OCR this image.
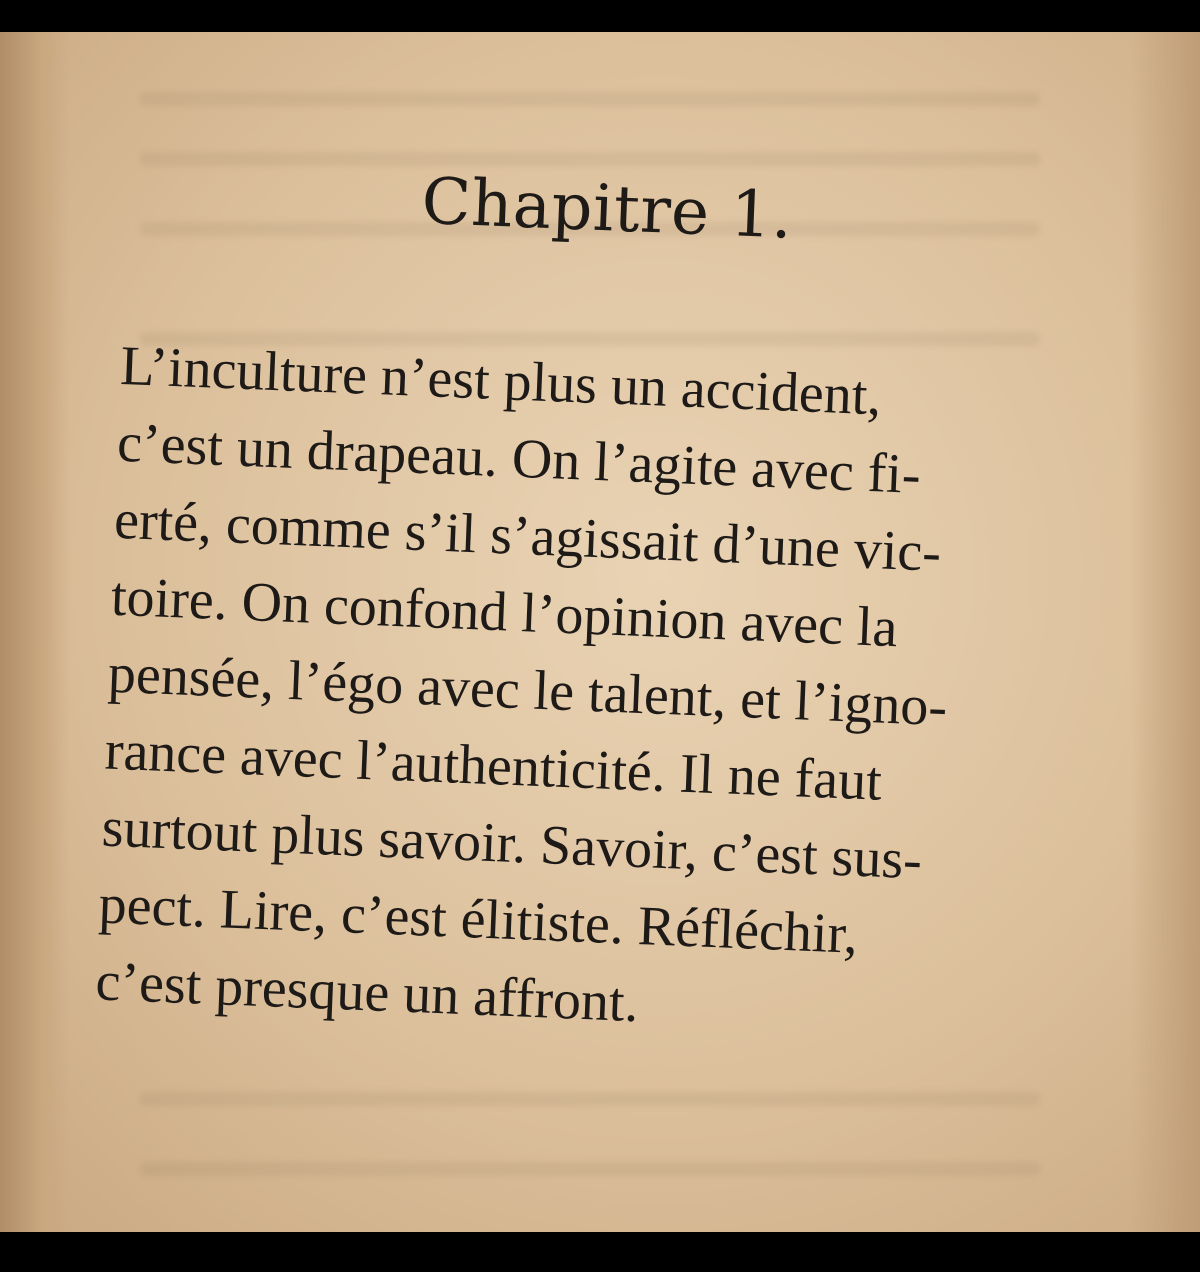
Chapitre 1.
L’inculture n’est plus un accident,
c’est un drapeau. On l’agite avec fi-
erté, comme s’il s’agissait d’une vic-
toire. On confond l’opinion avec la
pensée, l’égo avec le talent, et l’igno-
rance avec l’authenticité. Il ne faut
surtout plus savoir. Savoir, c’est sus-
pect. Lire, c’est élitiste. Réfléchir,
c’est presque un affront.
